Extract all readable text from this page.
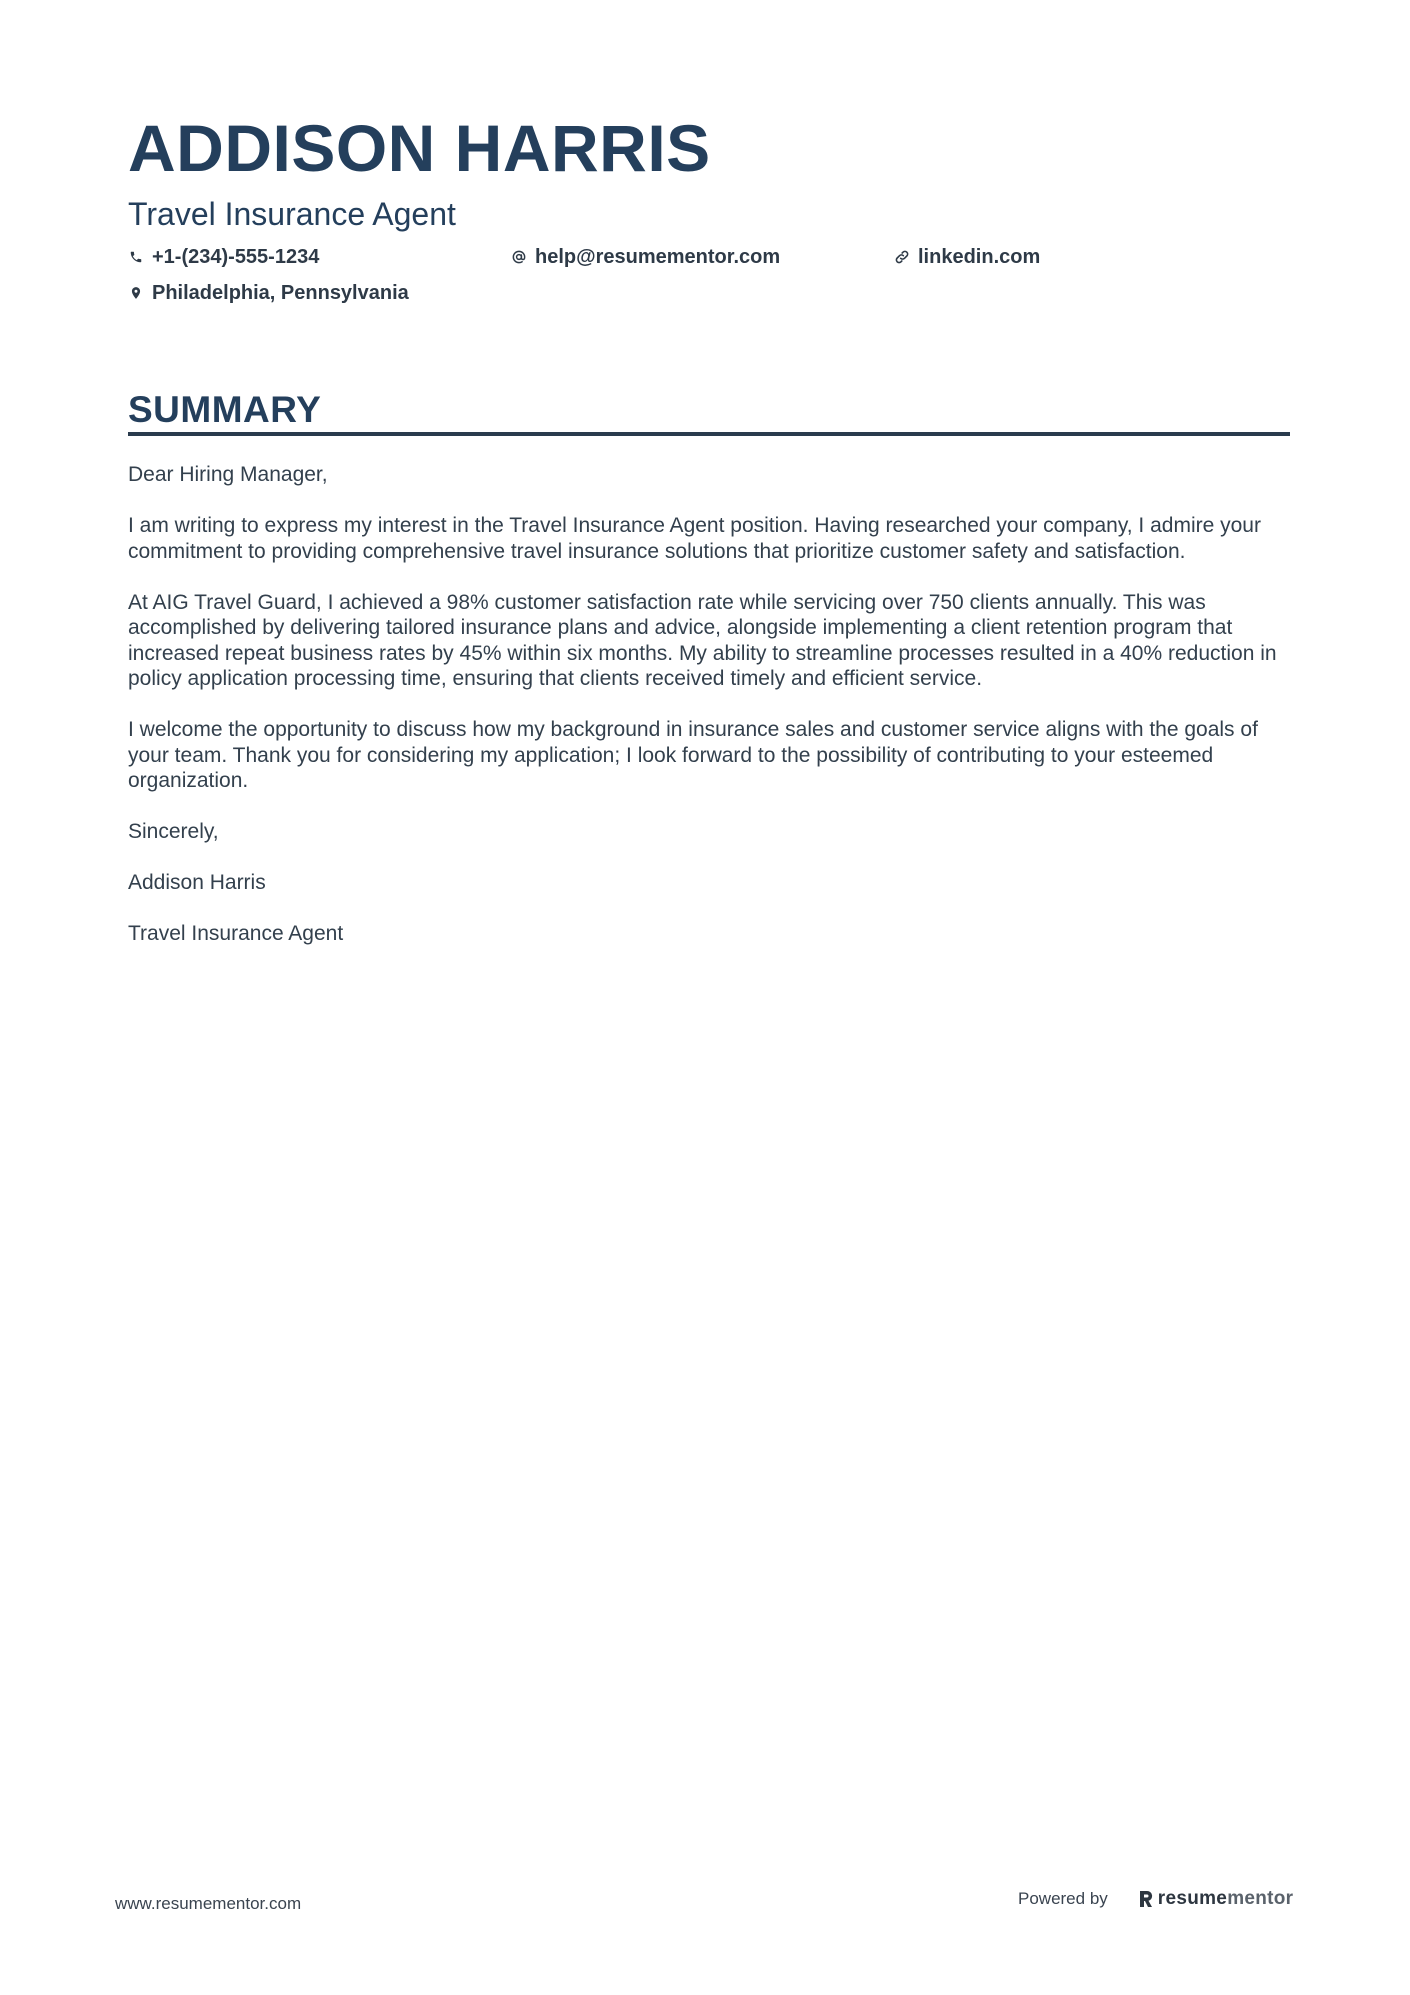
ADDISON HARRIS
Travel Insurance Agent
+1-(234)-555-1234	help@resumementor.com	linkedin.com
Philadelphia, Pennsylvania
SUMMARY

Dear Hiring Manager,

I am writing to express my interest in the Travel Insurance Agent position. Having researched your company, I admire your commitment to providing comprehensive travel insurance solutions that prioritize customer safety and satisfaction.

At AIG Travel Guard, I achieved a 98% customer satisfaction rate while servicing over 750 clients annually. This was accomplished by delivering tailored insurance plans and advice, alongside implementing a client retention program that increased repeat business rates by 45% within six months. My ability to streamline processes resulted in a 40% reduction in policy application processing time, ensuring that clients received timely and efficient service.

I welcome the opportunity to discuss how my background in insurance sales and customer service aligns with the goals of your team. Thank you for considering my application; I look forward to the possibility of contributing to your esteemed organization.

Sincerely,

Addison Harris

Travel Insurance Agent

www.resumementor.com	Powered by	resume mentor
